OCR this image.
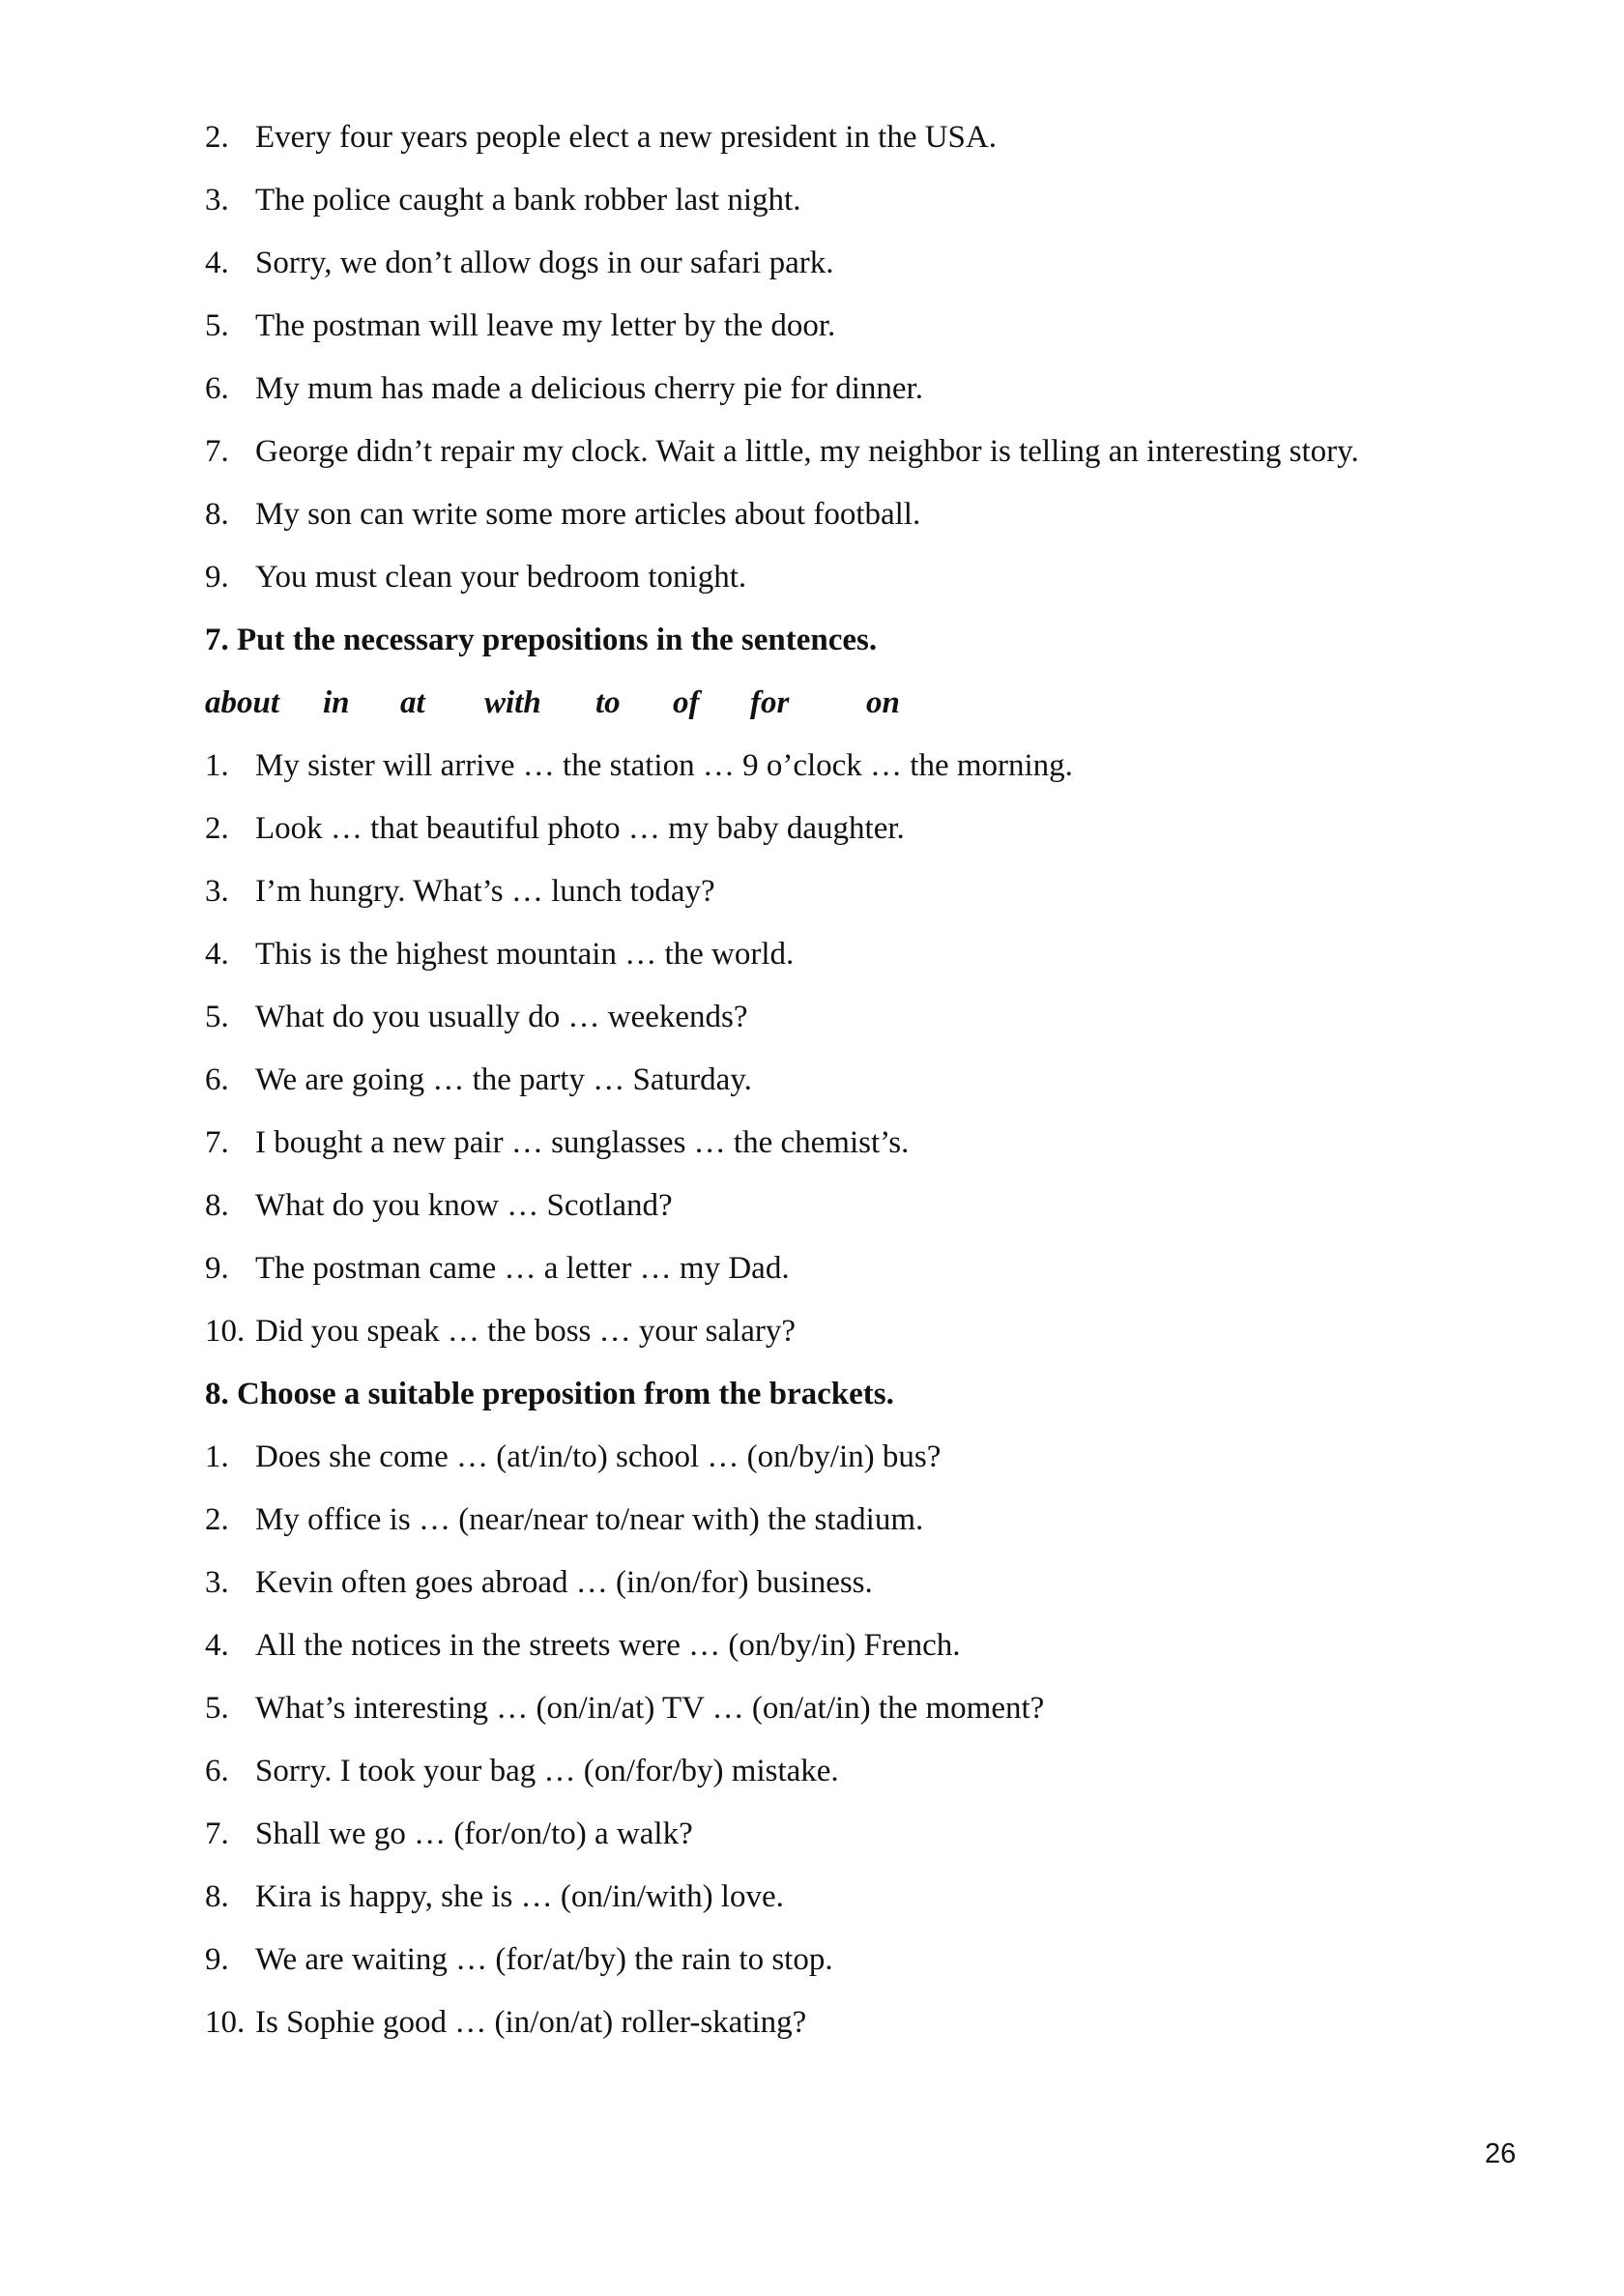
2. Every four years people elect a new president in the USA.
3. The police caught a bank robber last night.
4. Sorry, we don’t allow dogs in our safari park.
5. The postman will leave my letter by the door.
6. My mum has made a delicious cherry pie for dinner.
7. George didn’t repair my clock. Wait a little, my neighbor is telling an interesting story.
8. My son can write some more articles about football.
9. You must clean your bedroom tonight.
7. Put the necessary prepositions in the sentences.
about in at with to of for on
1. My sister will arrive … the station … 9 o’clock … the morning.
2. Look … that beautiful photo … my baby daughter.
3. I’m hungry. What’s … lunch today?
4. This is the highest mountain … the world.
5. What do you usually do … weekends?
6. We are going … the party … Saturday.
7. I bought a new pair … sunglasses … the chemist’s.
8. What do you know … Scotland?
9. The postman came … a letter … my Dad.
10. Did you speak … the boss … your salary?
8. Choose a suitable preposition from the brackets.
1. Does she come … (at/in/to) school … (on/by/in) bus?
2. My office is … (near/near to/near with) the stadium.
3. Kevin often goes abroad … (in/on/for) business.
4. All the notices in the streets were … (on/by/in) French.
5. What’s interesting … (on/in/at) TV … (on/at/in) the moment?
6. Sorry. I took your bag … (on/for/by) mistake.
7. Shall we go … (for/on/to) a walk?
8. Kira is happy, she is … (on/in/with) love.
9. We are waiting … (for/at/by) the rain to stop.
10. Is Sophie good … (in/on/at) roller-skating?
26
